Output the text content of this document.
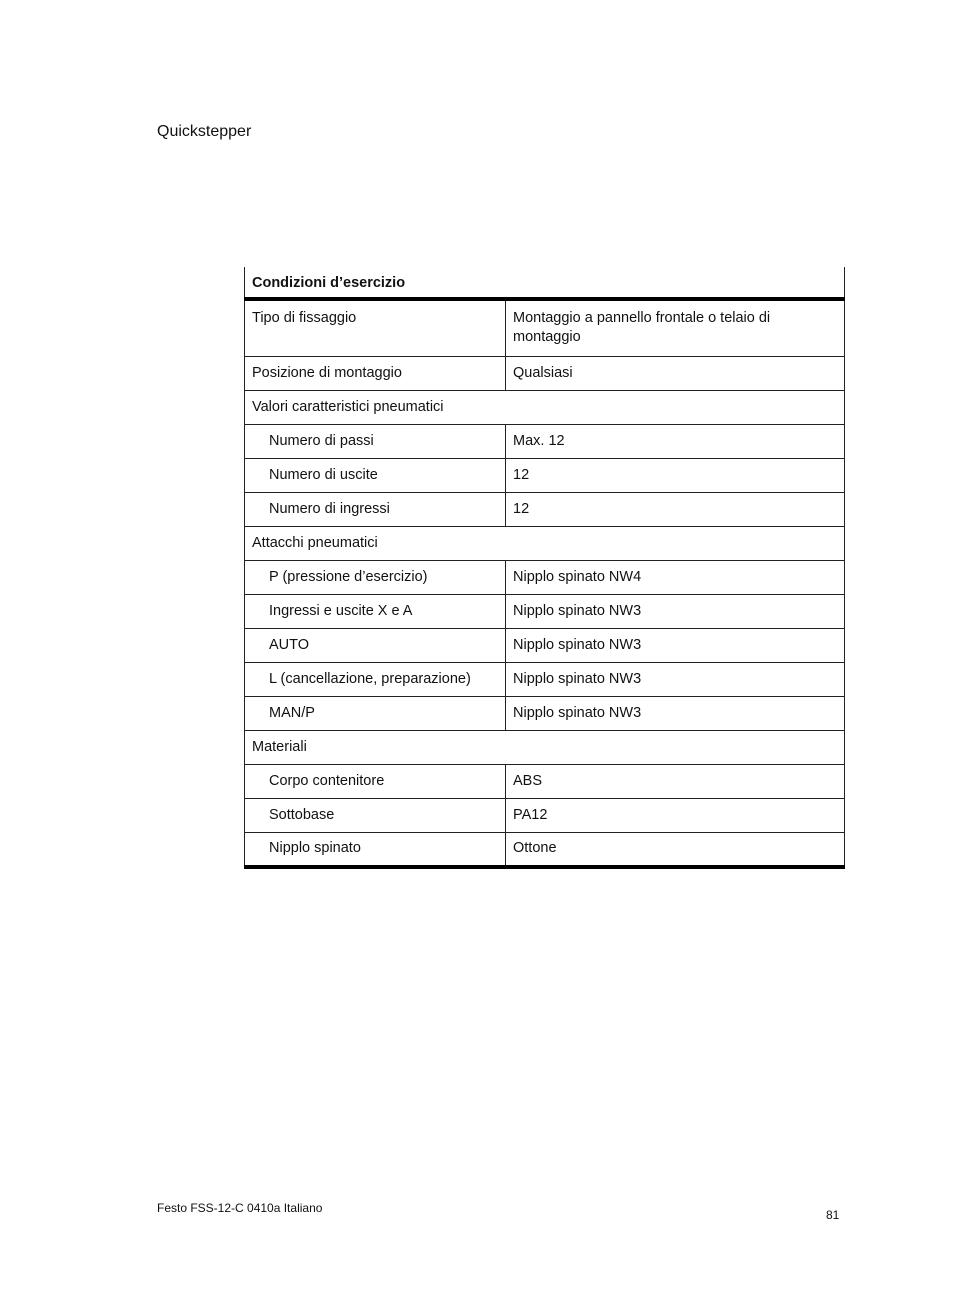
Quickstepper
Condizioni d’esercizio	
Tipo di fissaggio	Montaggio a pannello frontale o telaio di montaggio
Posizione di montaggio	Qualsiasi
Valori caratteristici pneumatici	
Numero di passi	Max. 12
Numero di uscite	12
Numero di ingressi	12
Attacchi pneumatici	
P (pressione d’esercizio)	Nipplo spinato NW4
Ingressi e uscite X e A	Nipplo spinato NW3
AUTO	Nipplo spinato NW3
L (cancellazione, preparazione)	Nipplo spinato NW3
MAN/P	Nipplo spinato NW3
Materiali	
Corpo contenitore	ABS
Sottobase	PA12
Nipplo spinato	Ottone
Festo FSS-12-C 0410a Italiano	81
